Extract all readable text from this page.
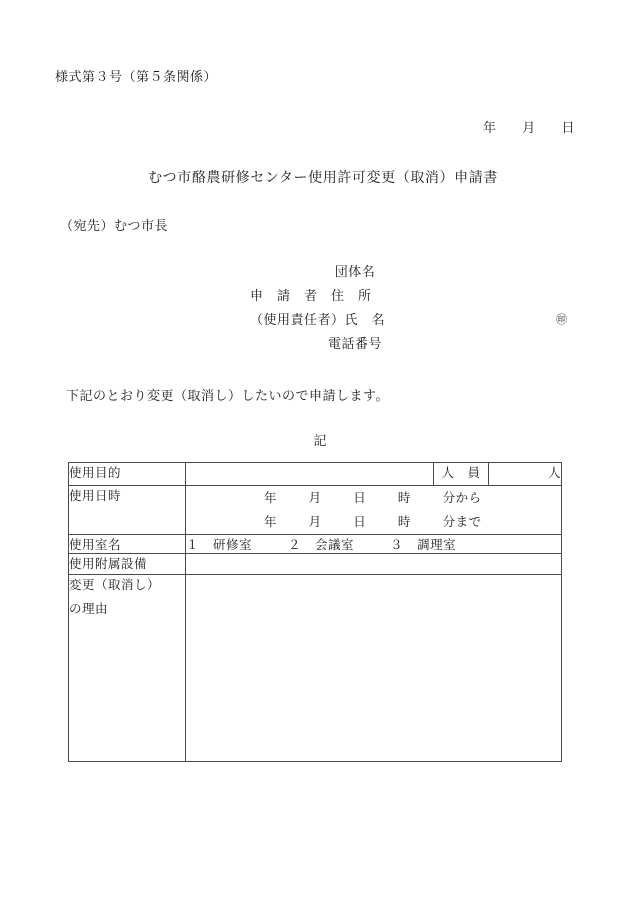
様式第３号（第５条関係）
年 月 日
むつ市酪農研修センター使用許可変更（取消）申請書
（宛先）むつ市長
団体名
申　請　者　住　所
（使用責任者）氏　名	㊞
電話番号
下記のとおり変更（取消し）したいので申請します。
記
使用目的		人　員	人
使用日時	年 月 日 時 分から
年 月 日 時 分まで		

使用室名	１ 研修室 ２ 会議室 ３ 調理室		
使用附属設備			
変更（取消し）
の理由			
